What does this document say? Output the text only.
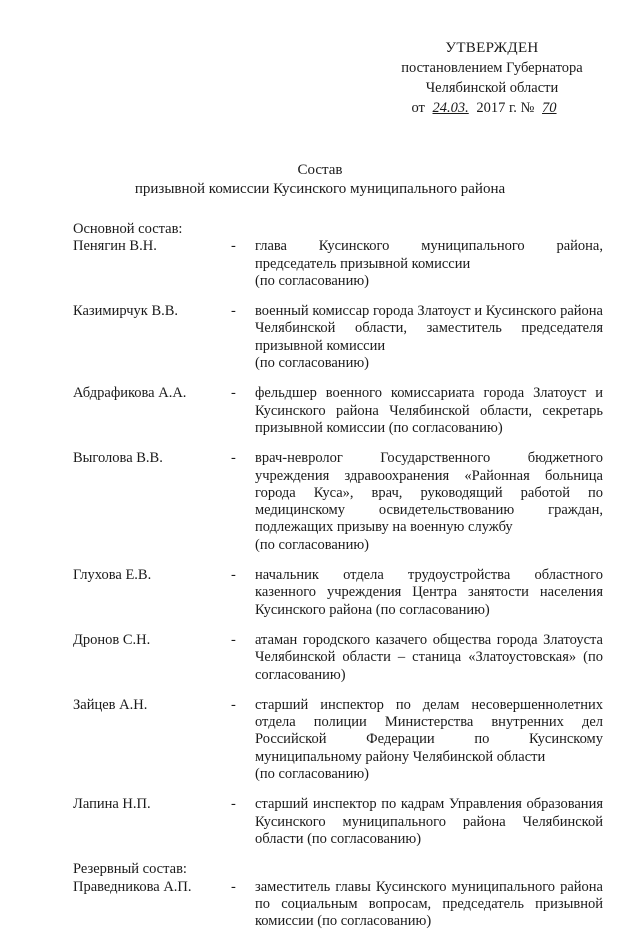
УТВЕРЖДЕН
постановлением Губернатора
Челябинской области
от 24.03. 2017 г. № 70
Состав
призывной комиссии Кусинского муниципального района
Основной состав:
Пенягин В.Н.	-	глава Кусинского муниципального района, председатель призывной комиссии
(по согласованию)
Казимирчук В.В.	-	военный комиссар города Златоуст и Кусинского района Челябинской области, заместитель председателя призывной комиссии
(по согласованию)
Абдрафикова А.А.	-	фельдшер военного комиссариата города Златоуст и Кусинского района Челябинской области, секретарь призывной комиссии (по согласованию)
Выголова В.В.	-	врач-невролог Государственного бюджетного учреждения здравоохранения «Районная больница города Куса», врач, руководящий работой по медицинскому освидетельствованию граждан, подлежащих призыву на военную службу
(по согласованию)
Глухова Е.В.	-	начальник отдела трудоустройства областного казенного учреждения Центра занятости населения Кусинского района (по согласованию)
Дронов С.Н.	-	атаман городского казачего общества города Златоуста Челябинской области – станица «Златоустовская» (по согласованию)
Зайцев А.Н.	-	старший инспектор по делам несовершеннолетних отдела полиции Министерства внутренних дел Российской Федерации по Кусинскому муниципальному району Челябинской области
(по согласованию)
Лапина Н.П.	-	старший инспектор по кадрам Управления образования Кусинского муниципального района Челябинской области (по согласованию)
Резервный состав:
Праведникова А.П.	-	заместитель главы Кусинского муниципального района по социальным вопросам, председатель призывной комиссии (по согласованию)
